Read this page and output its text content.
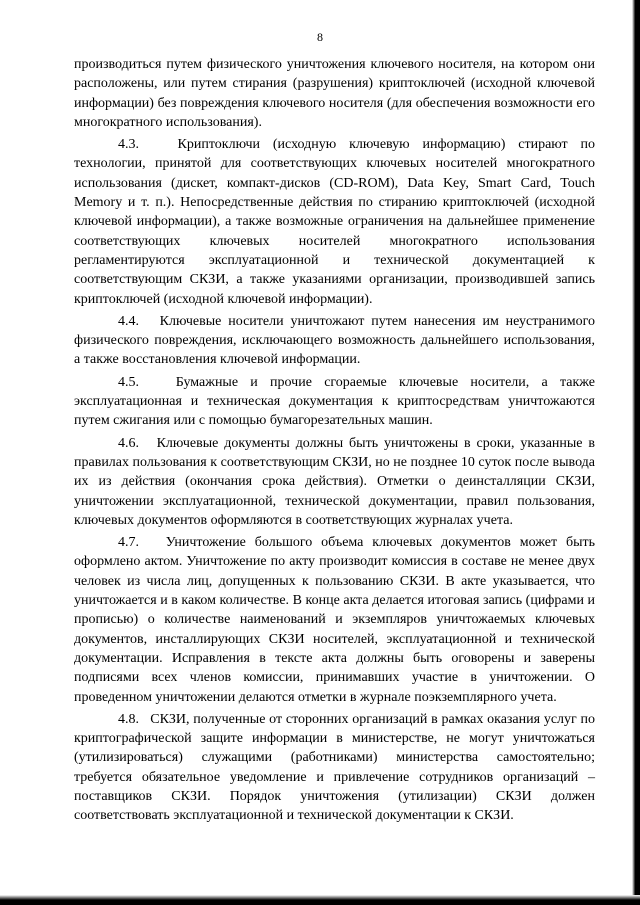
8

производиться путем физического уничтожения ключевого носителя, на котором они расположены, или путем стирания (разрушения) криптоключей (исходной ключевой информации) без повреждения ключевого носителя (для обеспечения возможности его многократного использования).

4.3.	Криптоключи (исходную ключевую информацию) стирают по технологии, принятой для соответствующих ключевых носителей многократного использования (дискет, компакт-дисков (CD-ROM), Data Key, Smart Card, Touch Memory и т. п.). Непосредственные действия по стиранию криптоключей (исходной ключевой информации), а также возможные ограничения на дальнейшее применение соответствующих ключевых носителей многократного использования регламентируются эксплуатационной и технической документацией к соответствующим СКЗИ, а также указаниями организации, производившей запись криптоключей (исходной ключевой информации).

4.4. Ключевые носители уничтожают путем нанесения им неустранимого физического повреждения, исключающего возможность дальнейшего использования, а также восстановления ключевой информации.

4.5.	Бумажные и прочие сгораемые ключевые носители, а также эксплуатационная и техническая документация к криптосредствам уничтожаются путем сжигания или с помощью бумагорезательных машин.

4.6. Ключевые документы должны быть уничтожены в сроки, указанные в правилах пользования к соответствующим СКЗИ, но не позднее 10 суток после вывода их из действия (окончания срока действия). Отметки о деинсталляции СКЗИ, уничтожении эксплуатационной, технической документации, правил пользования, ключевых документов оформляются в соответствующих журналах учета.

4.7. Уничтожение большого объема ключевых документов может быть оформлено актом. Уничтожение по акту производит комиссия в составе не менее двух человек из числа лиц, допущенных к пользованию СКЗИ. В акте указывается, что уничтожается и в каком количестве. В конце акта делается итоговая запись (цифрами и прописью) о количестве наименований и экземпляров уничтожаемых ключевых документов, инсталлирующих СКЗИ носителей, эксплуатационной и технической документации. Исправления в тексте акта должны быть оговорены и заверены подписями всех членов комиссии, принимавших участие в уничтожении. О проведенном уничтожении делаются отметки в журнале поэкземплярного учета.

4.8. СКЗИ, полученные от сторонних организаций в рамках оказания услуг по криптографической защите информации в министерстве, не могут уничтожаться (утилизироваться) служащими (работниками) министерства самостоятельно; требуется обязательное уведомление и привлечение сотрудников организаций – поставщиков СКЗИ. Порядок уничтожения (утилизации) СКЗИ должен соответствовать эксплуатационной и технической документации к СКЗИ.
